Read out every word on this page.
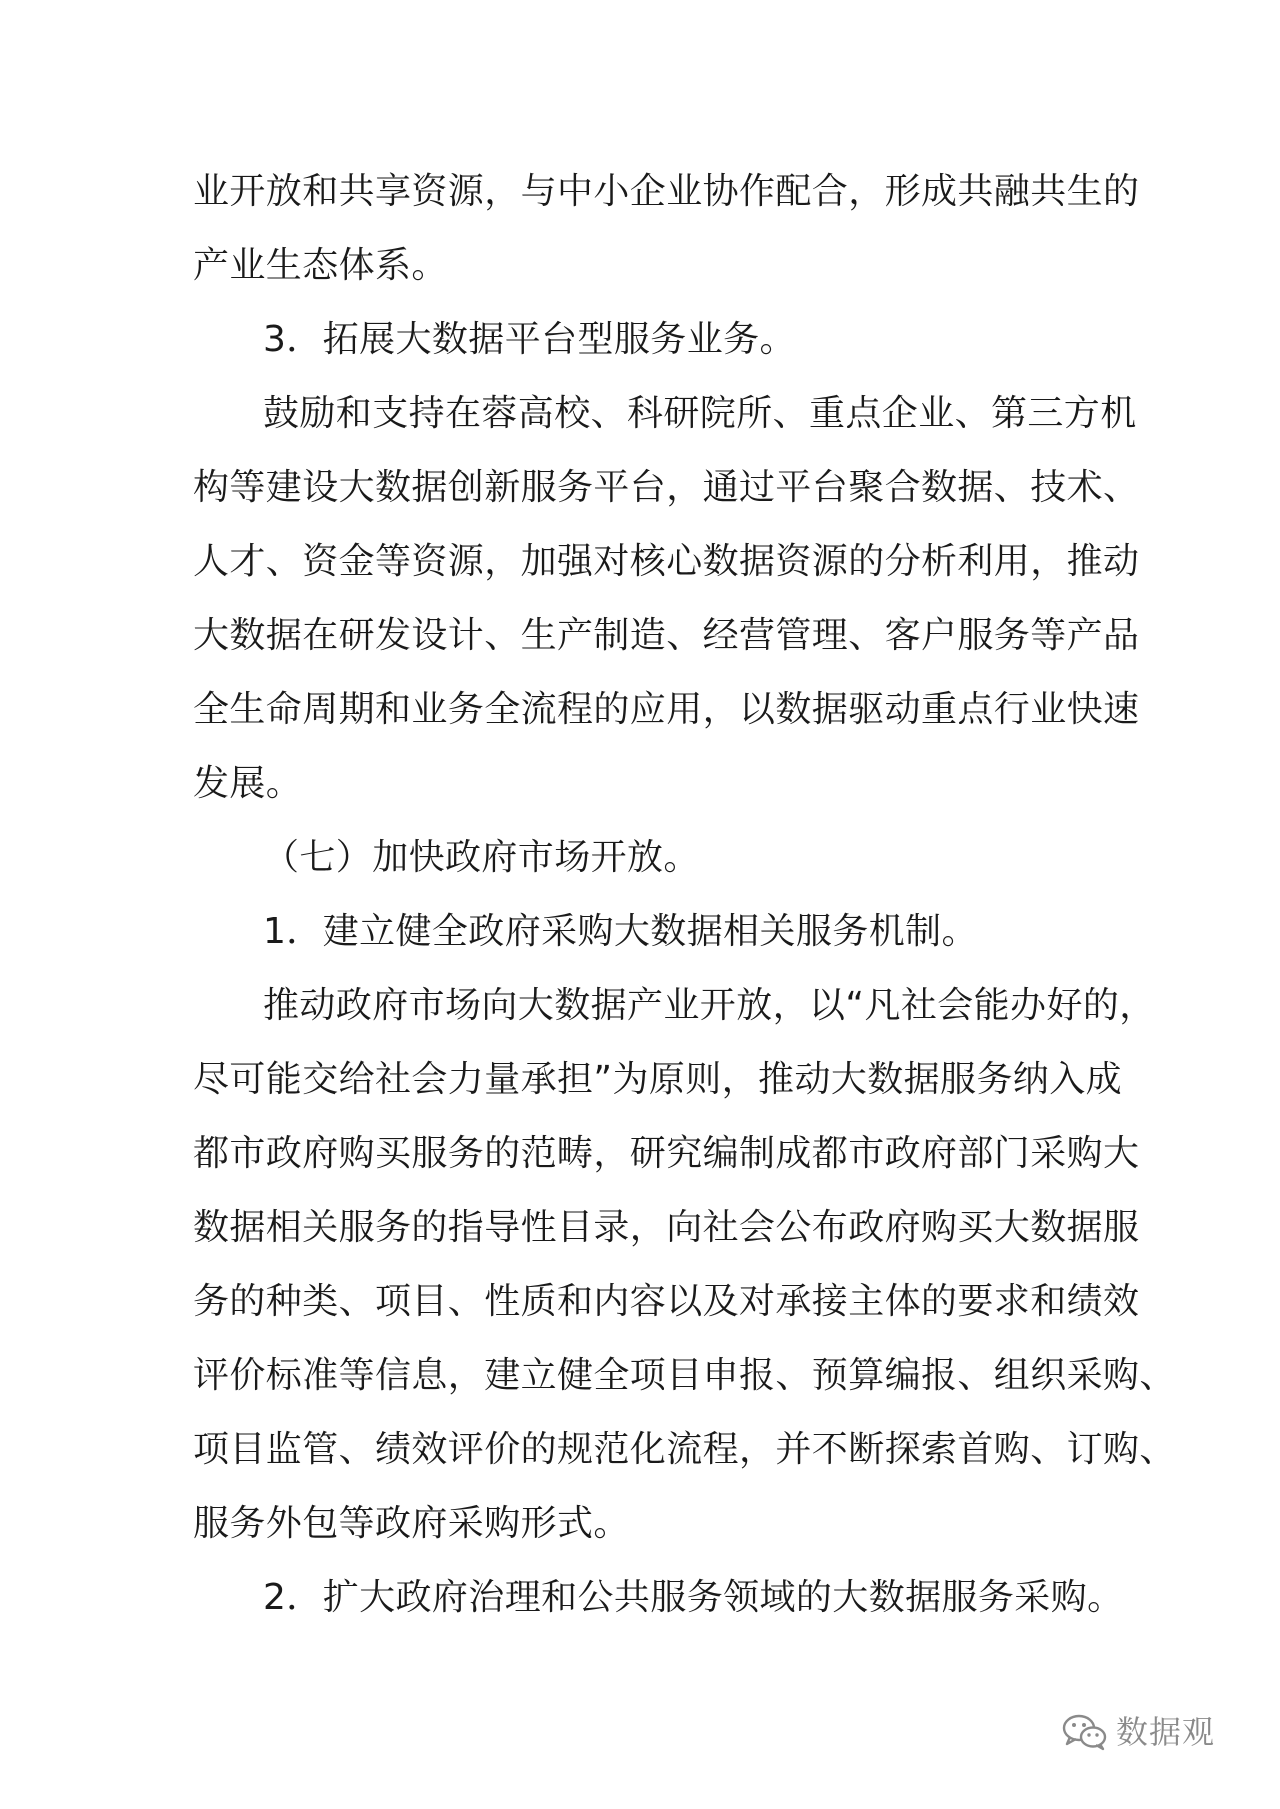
业开放和共享资源，与中小企业协作配合，形成共融共生的
产业生态体系。

3．拓展大数据平台型服务业务。

鼓励和支持在蓉高校、科研院所、重点企业、第三方机
构等建设大数据创新服务平台，通过平台聚合数据、技术、
人才、资金等资源，加强对核心数据资源的分析利用，推动
大数据在研发设计、生产制造、经营管理、客户服务等产品
全生命周期和业务全流程的应用，以数据驱动重点行业快速
发展。

（七）加快政府市场开放。

1．建立健全政府采购大数据相关服务机制。

推动政府市场向大数据产业开放，以“凡社会能办好的，
尽可能交给社会力量承担”为原则，推动大数据服务纳入成
都市政府购买服务的范畴，研究编制成都市政府部门采购大
数据相关服务的指导性目录，向社会公布政府购买大数据服
务的种类、项目、性质和内容以及对承接主体的要求和绩效
评价标准等信息，建立健全项目申报、预算编报、组织采购、
项目监管、绩效评价的规范化流程，并不断探索首购、订购、
服务外包等政府采购形式。

2．扩大政府治理和公共服务领域的大数据服务采购。

数据观
